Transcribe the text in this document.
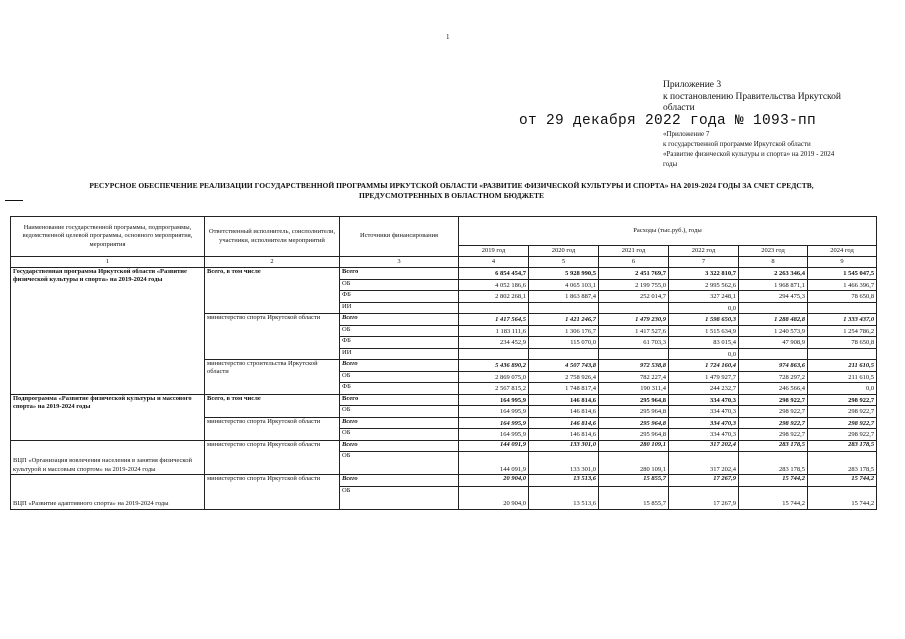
1
Приложение 3
к постановлению Правительства Иркутской
области
от 29 декабря 2022 года № 1093-пп
«Приложение 7
к государственной программе Иркутской области
«Развитие физической культуры и спорта» на 2019 - 2024
годы
РЕСУРСНОЕ ОБЕСПЕЧЕНИЕ РЕАЛИЗАЦИИ ГОСУДАРСТВЕННОЙ ПРОГРАММЫ ИРКУТСКОЙ ОБЛАСТИ «РАЗВИТИЕ ФИЗИЧЕСКОЙ КУЛЬТУРЫ И СПОРТА» НА 2019-2024 ГОДЫ ЗА СЧЕТ СРЕДСТВ,
ПРЕДУСМОТРЕННЫХ В ОБЛАСТНОМ БЮДЖЕТЕ
Наименование государственной программы, подпрограммы, ведомственной целевой программы, основного мероприятия, мероприятия	Ответственный исполнитель, соисполнители, участники, исполнители мероприятий	Источники финансирования	Расходы (тыс.руб.), годы					
			2019 год	2020 год	2021 год	2022 год	2023 год	2024 год
1	2	3	4	5	6	7	8	9
Государственная программа Иркутской области «Развитие физической культуры и спорта» на 2019-2024 годы	Всего, в том числе	Всего	6 854 454,7	5 928 990,5	2 451 769,7	3 322 810,7	2 263 346,4	1 545 047,5
		ОБ	4 052 186,6	4 065 103,1	2 199 755,0	2 995 562,6	1 968 871,1	1 466 396,7
		ФБ	2 802 268,1	1 863 887,4	252 014,7	327 248,1	294 475,3	78 650,8
		ИИ				0,0		
	министерство спорта Иркутской области	Всего	1 417 564,5	1 421 246,7	1 479 230,9	1 598 650,3	1 288 482,8	1 333 437,0
		ОБ	1 183 111,6	1 306 176,7	1 417 527,6	1 515 634,9	1 240 573,9	1 254 786,2
		ФБ	234 452,9	115 070,0	61 703,3	83 015,4	47 908,9	78 650,8
		ИИ				0,0		
	министерство строительства Иркутской области	Всего	5 436 890,2	4 507 743,8	972 538,8	1 724 160,4	974 863,6	211 610,5
		ОБ	2 869 075,0	2 758 926,4	782 227,4	1 479 927,7	728 297,2	211 610,5
		ФБ	2 567 815,2	1 748 817,4	190 311,4	244 232,7	246 566,4	0,0
Подпрограмма «Развитие физической культуры и массового спорта» на 2019-2024 годы	Всего, в том числе	Всего	164 995,9	146 814,6	295 964,8	334 470,3	298 922,7	298 922,7
		ОБ	164 995,9	146 814,6	295 964,8	334 470,3	298 922,7	298 922,7
	министерство спорта Иркутской области	Всего	164 995,9	146 814,6	295 964,8	334 470,3	298 922,7	298 922,7
		ОБ	164 995,9	146 814,6	295 964,8	334 470,3	298 922,7	298 922,7
ВЦП «Организация вовлечения населения в занятия физической культурой и массовым спортом» на 2019-2024 годы	министерство спорта Иркутской области	Всего	144 091,9	133 301,0	280 109,1	317 202,4	283 178,5	283 178,5
		ОБ	144 091,9	133 301,0	280 109,1	317 202,4	283 178,5	283 178,5
ВЦП «Развитие адаптивного спорта» на 2019-2024 годы	министерство спорта Иркутской области	Всего	20 904,0	13 513,6	15 855,7	17 267,9	15 744,2	15 744,2
		ОБ	20 904,0	13 513,6	15 855,7	17 267,9	15 744,2	15 744,2
